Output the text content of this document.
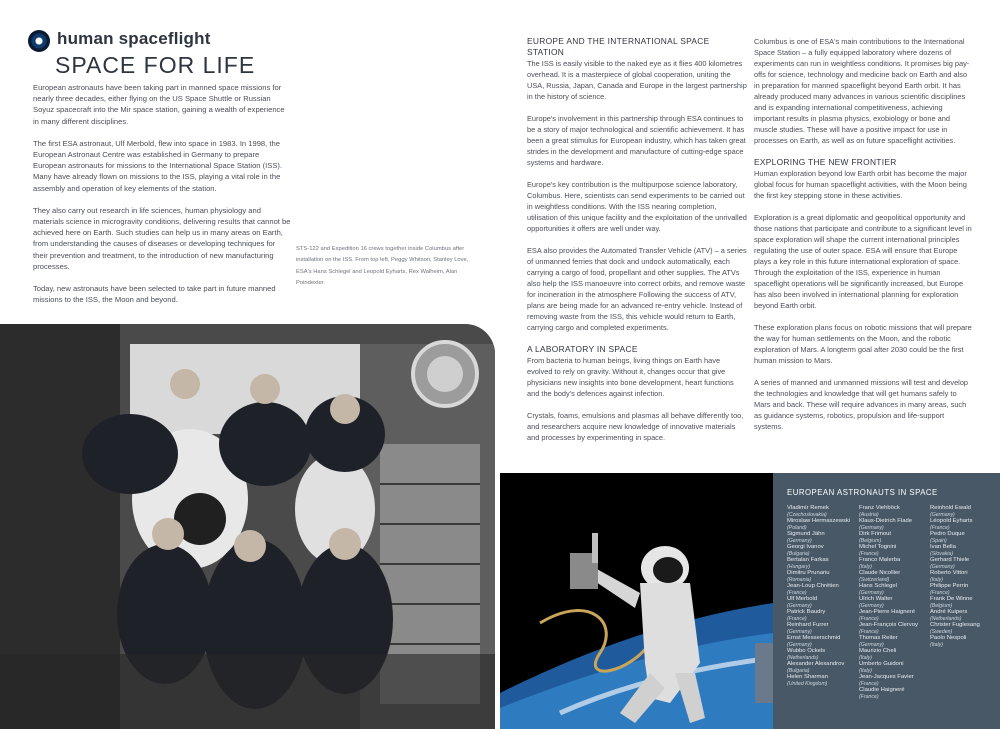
human spaceflight
SPACE FOR LIFE

European astronauts have been taking part in manned space missions for nearly three decades, either flying on the US Space Shuttle or Russian Soyuz spacecraft into the Mir space station, gaining a wealth of experience in many different disciplines.

The first ESA astronaut, Ulf Merbold, flew into space in 1983. In 1998, the European Astronaut Centre was established in Germany to prepare European astronauts for missions to the International Space Station (ISS). Many have already flown on missions to the ISS, playing a vital role in the assembly and operation of key elements of the station.

They also carry out research in life sciences, human physiology and materials science in microgravity conditions, delivering results that cannot be achieved here on Earth. Such studies can help us in many areas on Earth, from understanding the causes of diseases or developing techniques for their prevention and treatment, to the introduction of new manufacturing processes.

Today, new astronauts have been selected to take part in future manned missions to the ISS, the Moon and beyond.

STS-122 and Expedition 16 crews together inside Columbus after installation on the ISS. From top left, Peggy Whitson, Stanley Love, ESA's Hans Schlegel and Leopold Eyharts, Rex Walheim, Alan Poindexter.
EUROPE AND THE INTERNATIONAL SPACE STATION

The ISS is easily visible to the naked eye as it flies 400 kilometres overhead. It is a masterpiece of global cooperation, uniting the USA, Russia, Japan, Canada and Europe in the largest partnership in the history of science.

Europe's involvement in this partnership through ESA continues to be a story of major technological and scientific achievement. It has been a great stimulus for European industry, which has taken great strides in the development and manufacture of cutting-edge space systems and hardware.

Europe's key contribution is the multipurpose science laboratory, Columbus. Here, scientists can send experiments to be carried out in weightless conditions. With the ISS nearing completion, utilisation of this unique facility and the exploitation of the unrivalled opportunities it offers are well under way.

ESA also provides the Automated Transfer Vehicle (ATV) – a series of unmanned ferries that dock and undock automatically, each carrying a cargo of food, propellant and other supplies. The ATVs also help the ISS manoeuvre into correct orbits, and remove waste for incineration in the atmosphere Following the success of ATV, plans are being made for an advanced re-entry vehicle. Instead of removing waste from the ISS, this vehicle would return to Earth, carrying cargo and completed experiments.

A LABORATORY IN SPACE

From bacteria to human beings, living things on Earth have evolved to rely on gravity. Without it, changes occur that give physicians new insights into bone development, heart functions and the body's defences against infection.

Crystals, foams, emulsions and plasmas all behave differently too, and researchers acquire new knowledge of innovative materials and processes by experimenting in space.

Columbus is one of ESA's main contributions to the International Space Station – a fully equipped laboratory where dozens of experiments can run in weightless conditions. It promises big pay-offs for science, technology and medicine back on Earth and also in preparation for manned spaceflight beyond Earth orbit. It has already produced many advances in various scientific disciplines and is expanding international competitiveness, achieving important results in plasma physics, exobiology or bone and muscle studies. These will have a positive impact for use in processes on Earth, as well as on future spaceflight activities.

EXPLORING THE NEW FRONTIER

Human exploration beyond low Earth orbit has become the major global focus for human spaceflight activities, with the Moon being the first key stepping stone in these activities.

Exploration is a great diplomatic and geopolitical opportunity and those nations that participate and contribute to a significant level in space exploration will shape the current international principles regulating the use of outer space. ESA will ensure that Europe plays a key role in this future international exploration of space. Through the exploitation of the ISS, experience in human spaceflight operations will be significantly increased, but Europe has also been involved in international planning for exploration beyond Earth orbit.

These exploration plans focus on robotic missions that will prepare the way for human settlements on the Moon, and the robotic exploration of Mars. A longterm goal after 2030 could be the first human mission to Mars.

A series of manned and unmanned missions will test and develop the technologies and knowledge that will get humans safely to Mars and back. These will require advances in many areas, such as guidance systems, robotics, propulsion and life-support systems.

EUROPEAN ASTRONAUTS IN SPACE
Vladimír Remek
(Czechoslovakia)
Miroslaw Hermaszewski
(Poland)
Sigmund Jähn
(Germany)
Georgi Ivanov
(Bulgaria)
Bertalan Farkas
(Hungary)
Dimitru Prunariu
(Romania)
Jean-Loup Chrétien
(France)
Ulf Merbold
(Germany)
Patrick Baudry
(France)
Reinhard Furrer
(Germany)
Ernst Messerschmid
(Germany)
Wubbo Ockels
(Netherlands)
Alexander Alexandrov
(Bulgaria)
Helen Sharman
(United Kingdom)
Franz Viehböck
(Austria)
Klaus-Dietrich Flade
(Germany)
Dirk Frimout
(Belgium)
Michel Tognini
(France)
Franco Malerba
(Italy)
Claude Nicollier
(Switzerland)
Hans Schlegel
(Germany)
Ulrich Walter
(Germany)
Jean-Pierre Haigneré
(France)
Jean-François Clervoy
(France)
Thomas Reiter
(Germany)
Maurizio Cheli
(Italy)
Umberto Guidoni
(Italy)
Jean-Jacques Favier
(France)
Claudie Haigneré
(France)
Reinhold Ewald
(Germany)
Léopold Eyharts
(France)
Pedro Duque
(Spain)
Ivan Bella
(Slovakia)
Gerhard Thiele
(Germany)
Roberto Vittori
(Italy)
Philippe Perrin
(France)
Frank De Winne
(Belgium)
André Kuipers
(Netherlands)
Christer Fuglesang
(Sweden)
Paolo Nespoli
(Italy)
